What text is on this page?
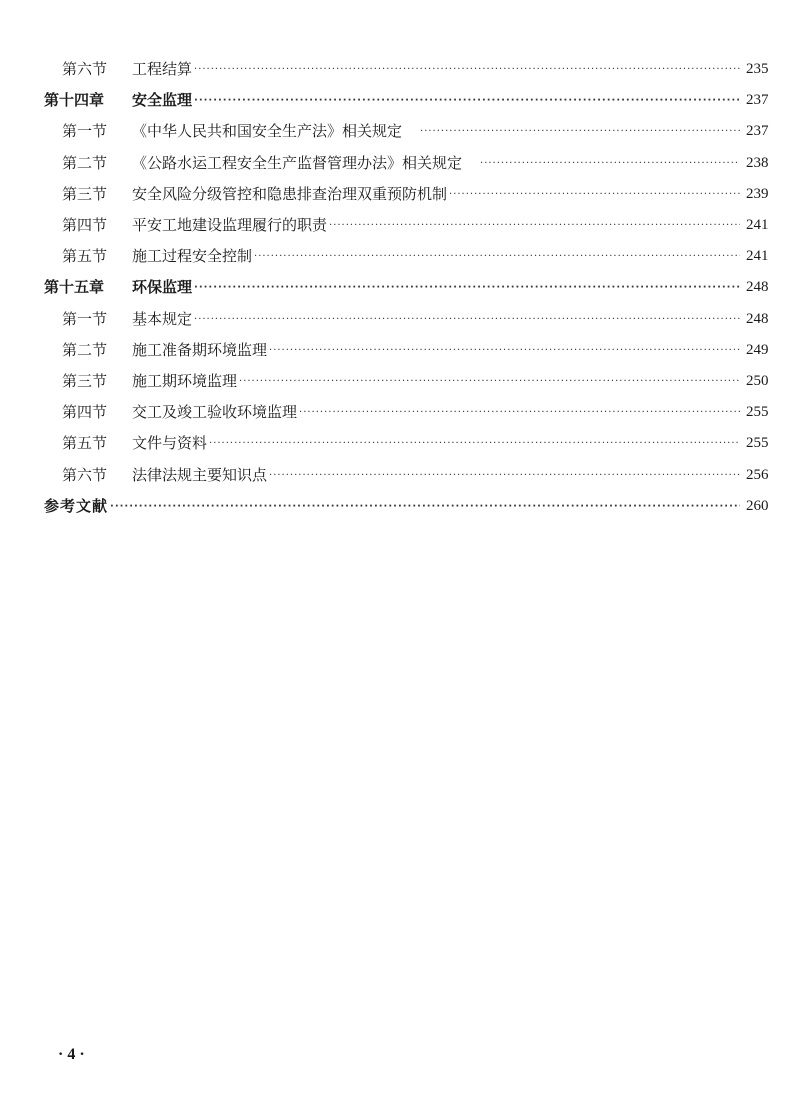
第六节	工程结算 ·····	235
第十四章	安全监理 ·····	237
第一节	《中华人民共和国安全生产法》相关规定 ·····	237
第二节	《公路水运工程安全生产监督管理办法》相关规定 ·····	238
第三节	安全风险分级管控和隐患排查治理双重预防机制 ·····	239
第四节	平安工地建设监理履行的职责 ·····	241
第五节	施工过程安全控制 ·····	241
第十五章	环保监理 ·····	248
第一节	基本规定 ·····	248
第二节	施工准备期环境监理 ·····	249
第三节	施工期环境监理 ·····	250
第四节	交工及竣工验收环境监理 ·····	255
第五节	文件与资料 ·····	255
第六节	法律法规主要知识点 ·····	256
参考文献 ·····	260
· 4 ·
